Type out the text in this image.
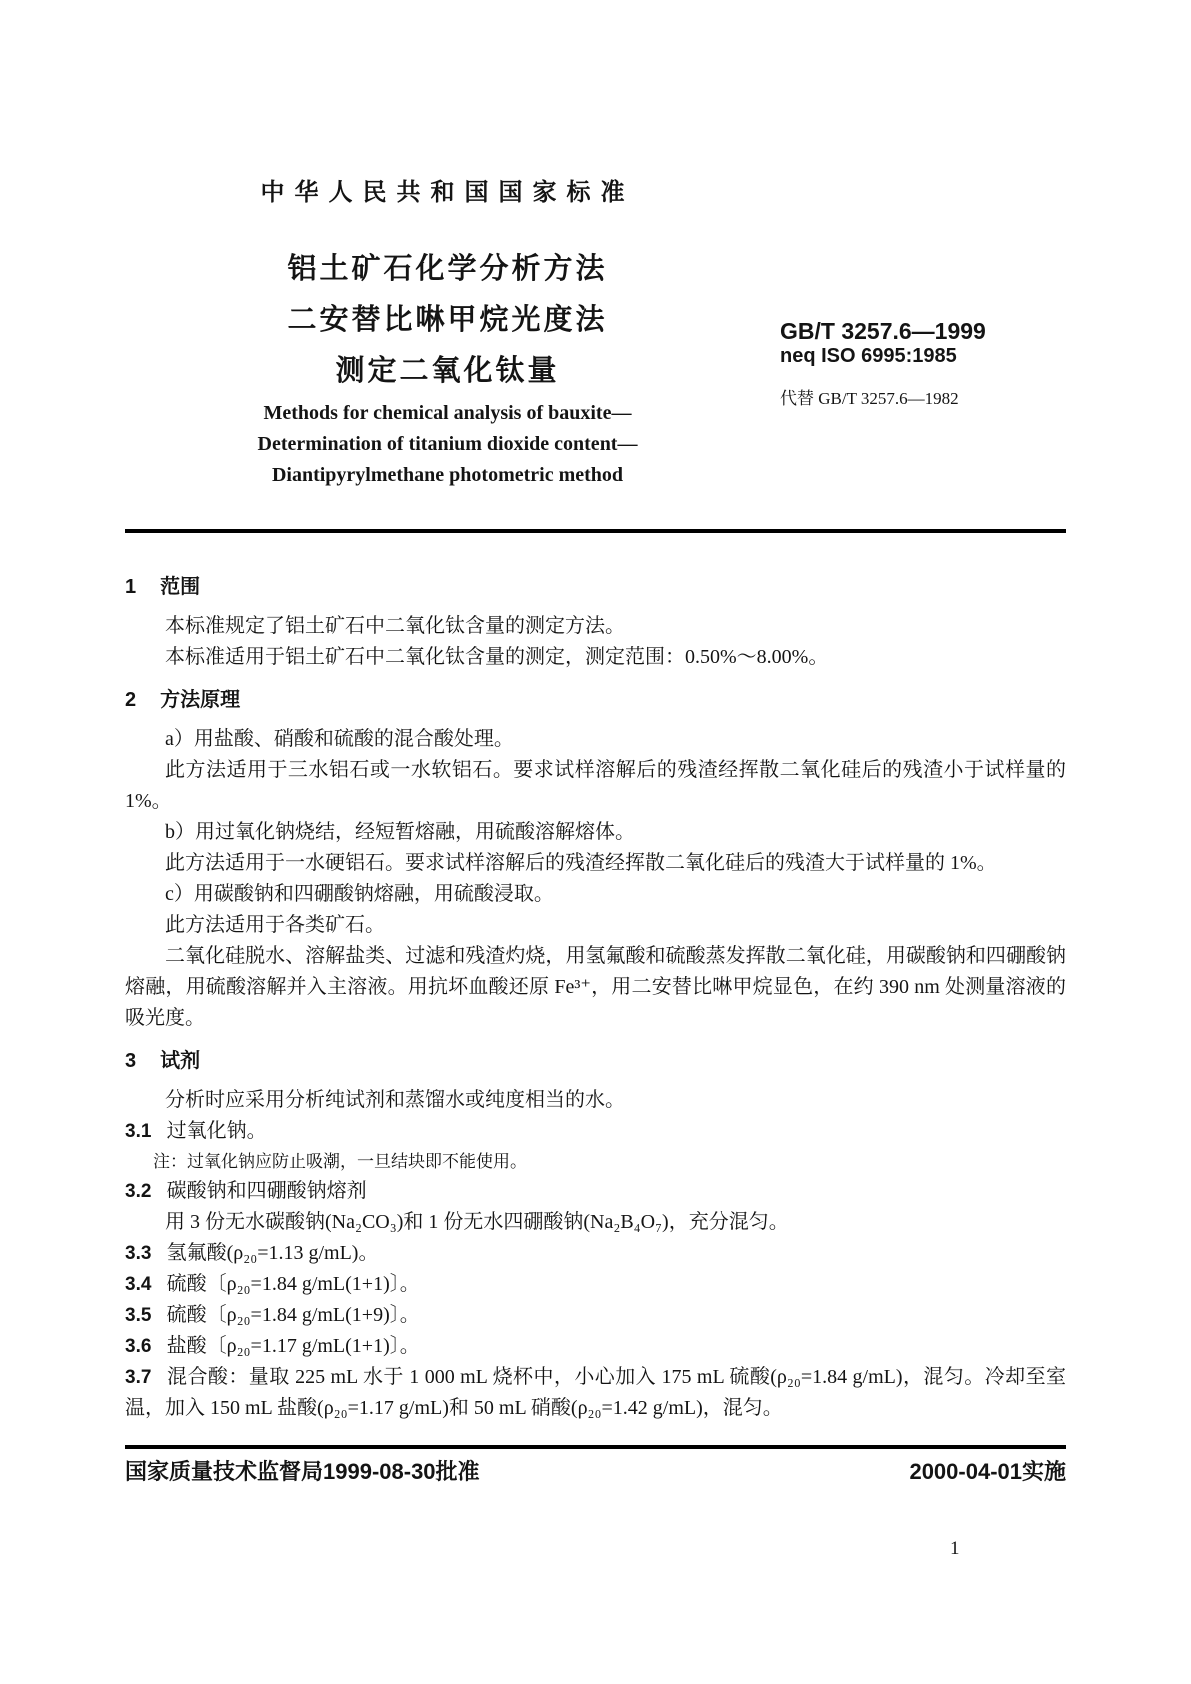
中华人民共和国国家标准
铝土矿石化学分析方法
二安替比啉甲烷光度法
测定二氧化钛量
GB/T 3257.6—1999
neq ISO 6995:1985
代替 GB/T 3257.6—1982
Methods for chemical analysis of bauxite—
Determination of titanium dioxide content—
Diantipyrylmethane photometric method
1 范围

本标准规定了铝土矿石中二氧化钛含量的测定方法。

本标准适用于铝土矿石中二氧化钛含量的测定，测定范围：0.50%～8.00%。

2 方法原理

a）用盐酸、硝酸和硫酸的混合酸处理。

此方法适用于三水铝石或一水软铝石。要求试样溶解后的残渣经挥散二氧化硅后的残渣小于试样量的 1%。

b）用过氧化钠烧结，经短暂熔融，用硫酸溶解熔体。

此方法适用于一水硬铝石。要求试样溶解后的残渣经挥散二氧化硅后的残渣大于试样量的 1%。

c）用碳酸钠和四硼酸钠熔融，用硫酸浸取。

此方法适用于各类矿石。

二氧化硅脱水、溶解盐类、过滤和残渣灼烧，用氢氟酸和硫酸蒸发挥散二氧化硅，用碳酸钠和四硼酸钠熔融，用硫酸溶解并入主溶液。用抗坏血酸还原 Fe³⁺，用二安替比啉甲烷显色，在约 390 nm 处测量溶液的吸光度。

3 试剂

分析时应采用分析纯试剂和蒸馏水或纯度相当的水。

3.1 过氧化钠。

注：过氧化钠应防止吸潮，一旦结块即不能使用。

3.2 碳酸钠和四硼酸钠熔剂

用 3 份无水碳酸钠(Na₂CO₃)和 1 份无水四硼酸钠(Na₂B₄O₇)，充分混匀。

3.3 氢氟酸(ρ₂₀=1.13 g/mL)。

3.4 硫酸〔ρ₂₀=1.84 g/mL(1+1)〕。

3.5 硫酸〔ρ₂₀=1.84 g/mL(1+9)〕。

3.6 盐酸〔ρ₂₀=1.17 g/mL(1+1)〕。

3.7 混合酸：量取 225 mL 水于 1 000 mL 烧杯中，小心加入 175 mL 硫酸(ρ₂₀=1.84 g/mL)，混匀。冷却至室温，加入 150 mL 盐酸(ρ₂₀=1.17 g/mL)和 50 mL 硝酸(ρ₂₀=1.42 g/mL)，混匀。

国家质量技术监督局1999-08-30批准	2000-04-01实施
1
